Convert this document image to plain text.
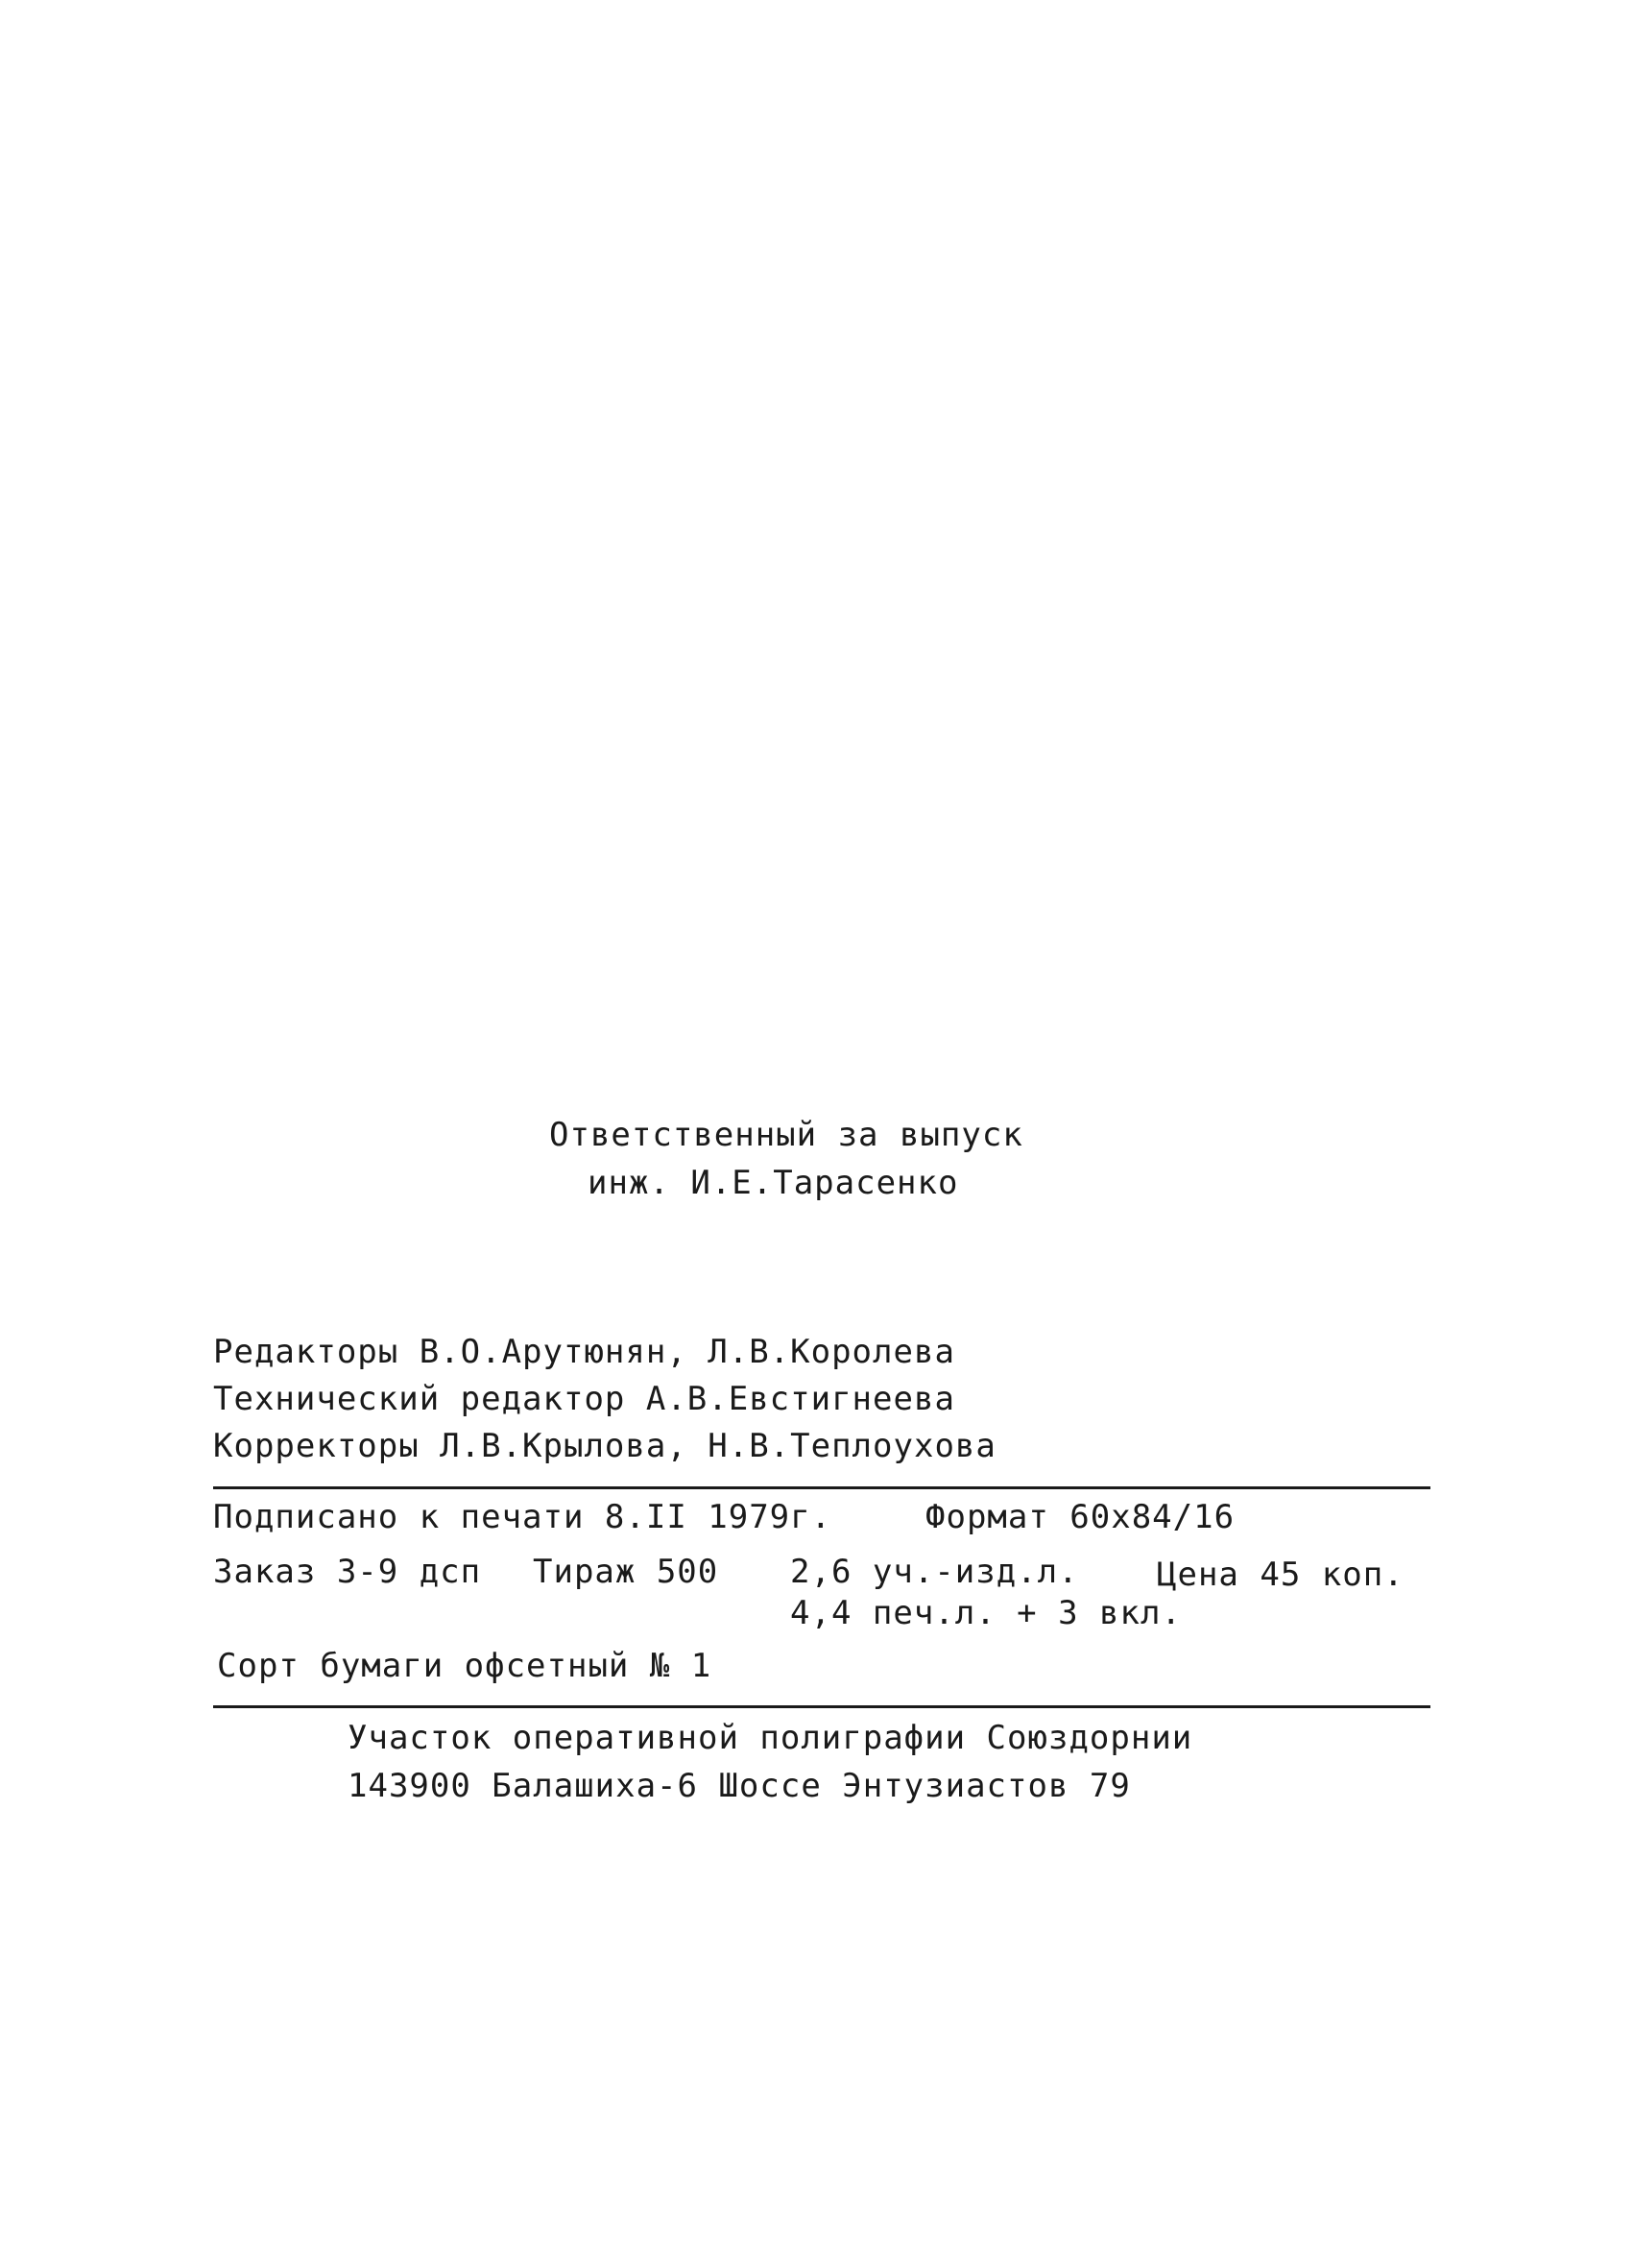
Ответственный за выпуск
инж. И.Е.Тарасенко
Редакторы В.О.Арутюнян, Л.В.Королева
Технический редактор А.В.Евстигнеева
Корректоры Л.В.Крылова, Н.В.Теплоухова
Подписано к печати 8.II 1979г.	Формат 60х84/16
Заказ 3-9 дсп Тираж 500 2,6 уч.-изд.л. Цена 45 коп.
4,4 печ.л. + 3 вкл.
Сорт бумаги офсетный № 1
Участок оперативной полиграфии Союздорнии
143900 Балашиха-6 Шоссе Энтузиастов 79
